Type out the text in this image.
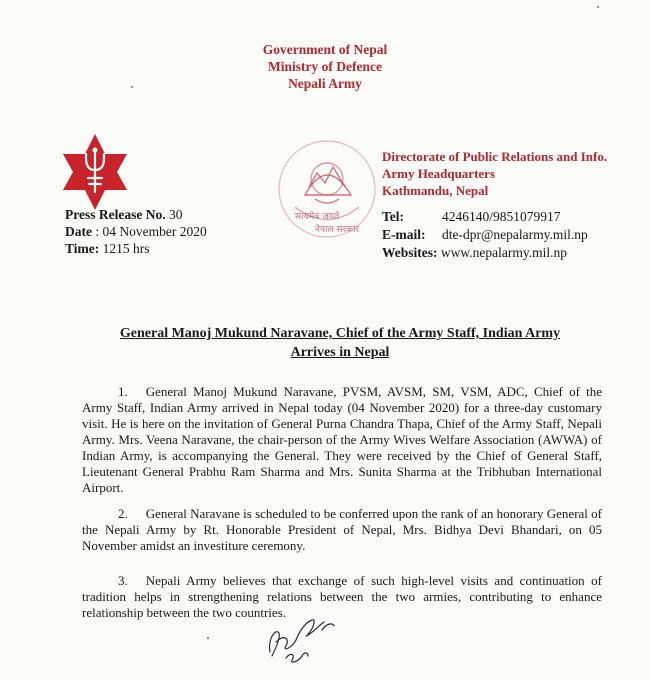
Government of Nepal
Ministry of Defence
Nepali Army
सत्यमेव जयते
नेपाल सरकार
Directorate of Public Relations and Info.
Army Headquarters
Kathmandu, Nepal
Press Release No. 30
Date : 04 November 2020
Time: 1215 hrs
Tel:	4246140/9851079917
E-mail: dte-dpr@nepalarmy.mil.np
Websites: www.nepalarmy.mil.np
General Manoj Mukund Naravane, Chief of the Army Staff, Indian Army
Arrives in Nepal
1. General Manoj Mukund Naravane, PVSM, AVSM, SM, VSM, ADC, Chief of the Army Staff, Indian Army arrived in Nepal today (04 November 2020) for a three-day customary visit. He is here on the invitation of General Purna Chandra Thapa, Chief of the Army Staff, Nepali Army. Mrs. Veena Naravane, the chair-person of the Army Wives Welfare Association (AWWA) of Indian Army, is accompanying the General. They were received by the Chief of General Staff, Lieutenant General Prabhu Ram Sharma and Mrs. Sunita Sharma at the Tribhuban International Airport.
2. General Naravane is scheduled to be conferred upon the rank of an honorary General of the Nepali Army by Rt. Honorable President of Nepal, Mrs. Bidhya Devi Bhandari, on 05 November amidst an investiture ceremony.
3. Nepali Army believes that exchange of such high-level visits and continuation of tradition helps in strengthening relations between the two armies, contributing to enhance relationship between the two countries.
